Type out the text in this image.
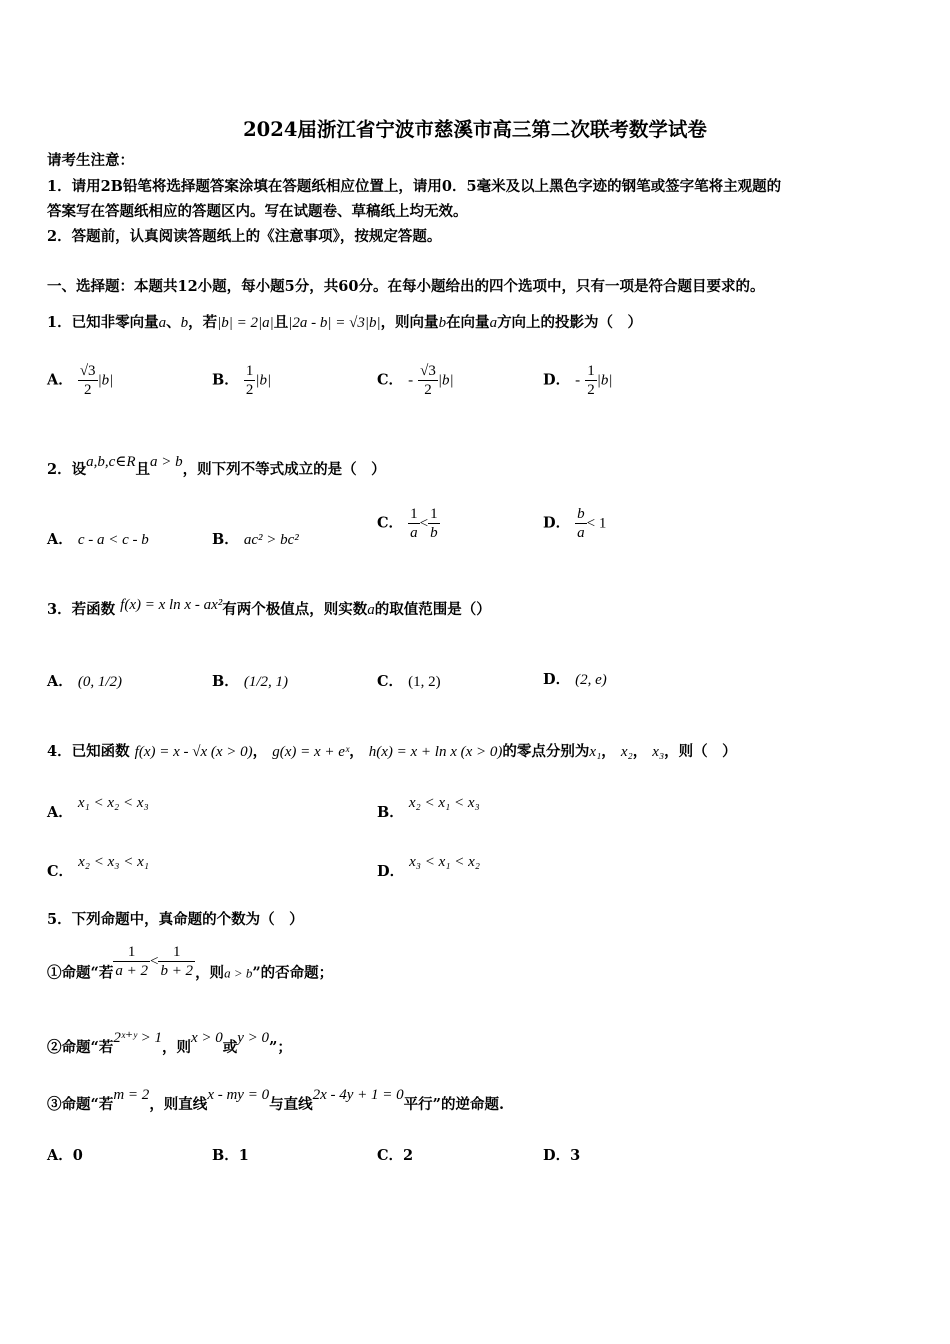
2024届浙江省宁波市慈溪市高三第二次联考数学试卷
请考生注意：
1．请用2B铅笔将选择题答案涂填在答题纸相应位置上，请用0．5毫米及以上黑色字迹的钢笔或签字笔将主观题的
答案写在答题纸相应的答题区内。写在试题卷、草稿纸上均无效。
2．答题前，认真阅读答题纸上的《注意事项》，按规定答题。
一、选择题：本题共12小题，每小题5分，共60分。在每小题给出的四个选项中，只有一项是符合题目要求的。
1．已知非零向量a、b，若|b| = 2|a|且|2a - b| = √3|b|，则向量b在向量a方向上的投影为（　）
A． $\frac{√3}{2} |b|$	B． $\frac{1}{2} |b|$	C． - $\frac{√3}{2} |b|$	D． - $\frac{1}{2} |b|$
2．设a,b,c∈R且a > b，则下列不等式成立的是（　）
A． c - a < c - b	B． ac² > bc²
C． $\frac{1}{a} < \frac{1}{b}$	D． $\frac{b}{a} < 1$
3．若函数 f(x) = x ln x - ax²有两个极值点，则实数a的取值范围是（）
A． (0, 1/2)	B． (1/2, 1)	C． (1, 2)	D． (2, e)
4．已知函数 f(x) = x - √x (x > 0)， g(x) = x + eˣ， h(x) = x + ln x (x > 0)的零点分别为x₁， x₂， x₃，则（　）
A． x₁ < x₂ < x₃
B． x₂ < x₁ < x₃
C． x₂ < x₃ < x₁
D． x₃ < x₁ < x₂
5．下列命题中，真命题的个数为（　）
①命题“若 $\frac{1}{a + 2} < \frac{1}{b + 2}$ ，则a > b”的否命题；
②命题“若2ˣ⁺ʸ > 1，则x > 0或y > 0”；
③命题“若m = 2，则直线x - my = 0与直线2x - 4y + 1 = 0平行”的逆命题.
A．0	B．1	C．2	D．3
